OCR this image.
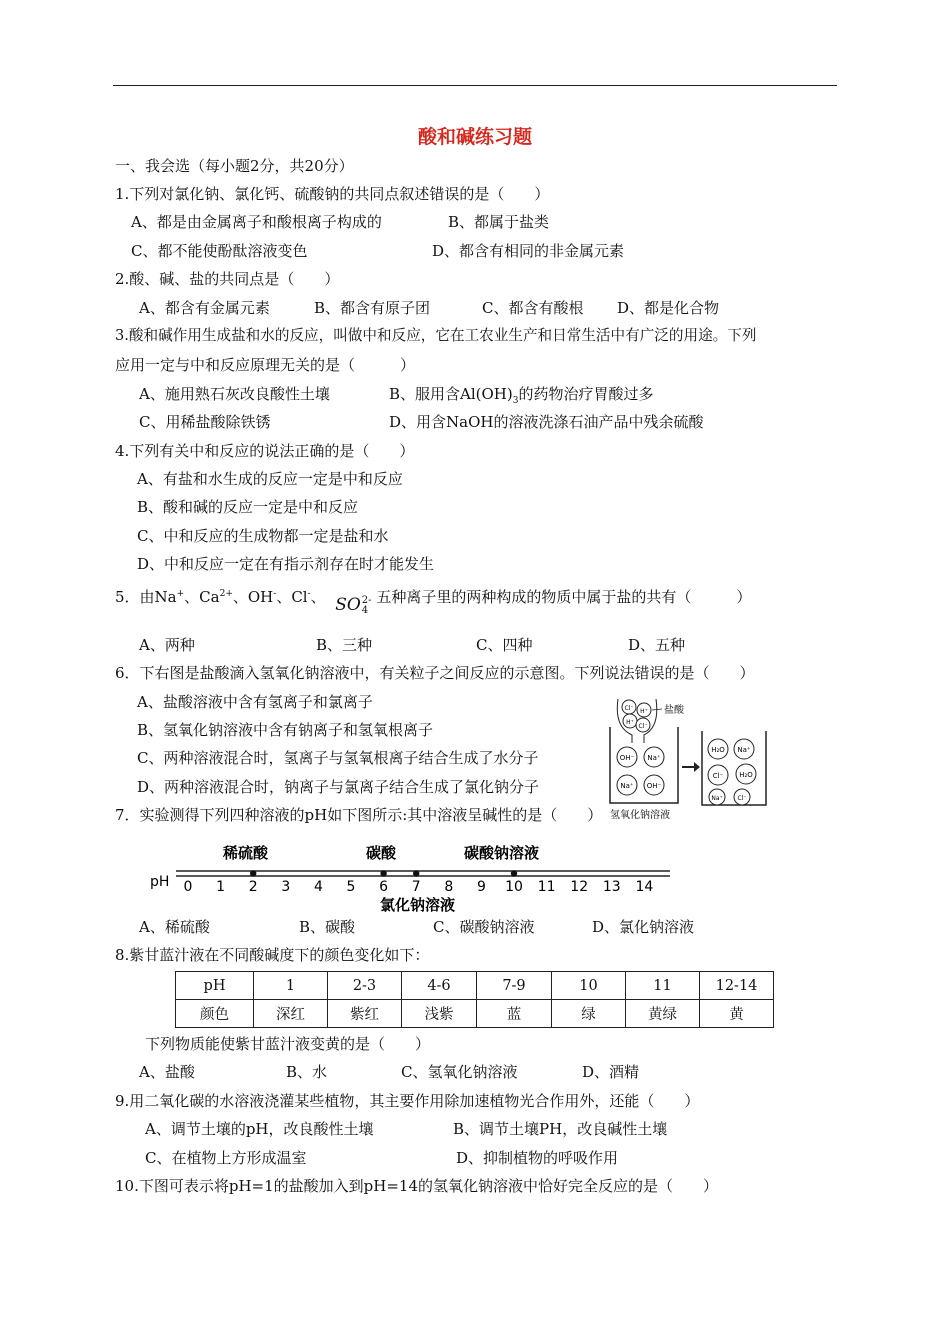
酸和碱练习题
一、我会选（每小题2分，共20分）
1.下列对氯化钠、氯化钙、硫酸钠的共同点叙述错误的是（　　）
A、都是由金属离子和酸根离子构成的	B、都属于盐类
C、都不能使酚酞溶液变色	D、都含有相同的非金属元素
2.酸、碱、盐的共同点是（　　）
A、都含有金属元素	B、都含有原子团	C、都含有酸根 D、都是化合物
3.酸和碱作用生成盐和水的反应，叫做中和反应，它在工农业生产和日常生活中有广泛的用途。下列
应用一定与中和反应原理无关的是（　　　）
A、施用熟石灰改良酸性土壤	B、服用含$Al(OH)_3$的药物治疗胃酸过多
C、用稀盐酸除铁锈	D、用含NaOH的溶液洗涤石油产品中残余硫酸
4.下列有关中和反应的说法正确的是（　　）
A、有盐和水生成的反应一定是中和反应
B、酸和碱的反应一定是中和反应
C、中和反应的生成物都一定是盐和水
D、中和反应一定在有指示剂存在时才能发生
5．由Na+、$Ca^{2+}$、OH-、Cl-、 SO 2-
4
五种离子里的两种构成的物质中属于盐的共有（　　　）
A、两种	B、三种	C、四种	D、五种
6．下右图是盐酸滴入氢氧化钠溶液中，有关粒子之间反应的示意图。下列说法错误的是（　　）
A、盐酸溶液中含有氢离子和氯离子
B、氢氧化钠溶液中含有钠离子和氢氧根离子
C、两种溶液混合时，氢离子与氢氧根离子结合生成了水分子
D、两种溶液混合时，钠离子与氯离子结合生成了氯化钠分子
Cl⁻ H⁺
H⁺
Cl⁻
盐酸
OH⁻ Na⁺
Na⁺ OH⁻
H₂O Na⁺
Cl⁻ H₂O
Na⁺ Cl⁻
氢氧化钠溶液
7．实验测得下列四种溶液的pH如下图所示:其中溶液呈碱性的是（　　）
稀硫酸	碳酸	碳酸钠溶液
pH 0 1 2 3 4 5 6 7 8 9 10 11 12 13 14
氯化钠溶液
A、稀硫酸	B、碳酸	C、碳酸钠溶液	D、氯化钠溶液
8.紫甘蓝汁液在不同酸碱度下的颜色变化如下：
pH	1	2-3	4-6	7-9	10	11	12-14
颜色	深红	紫红	浅紫	蓝	绿	黄绿	黄
下列物质能使紫甘蓝汁液变黄的是（　　）
A、盐酸	B、水	C、氢氧化钠溶液	D、酒精
9.用二氧化碳的水溶液浇灌某些植物，其主要作用除加速植物光合作用外，还能（　　）
A、调节土壤的pH，改良酸性土壤	B、调节土壤PH，改良碱性土壤
C、在植物上方形成温室	D、抑制植物的呼吸作用
10.下图可表示将pH=1的盐酸加入到pH=14的氢氧化钠溶液中恰好完全反应的是（　　）
